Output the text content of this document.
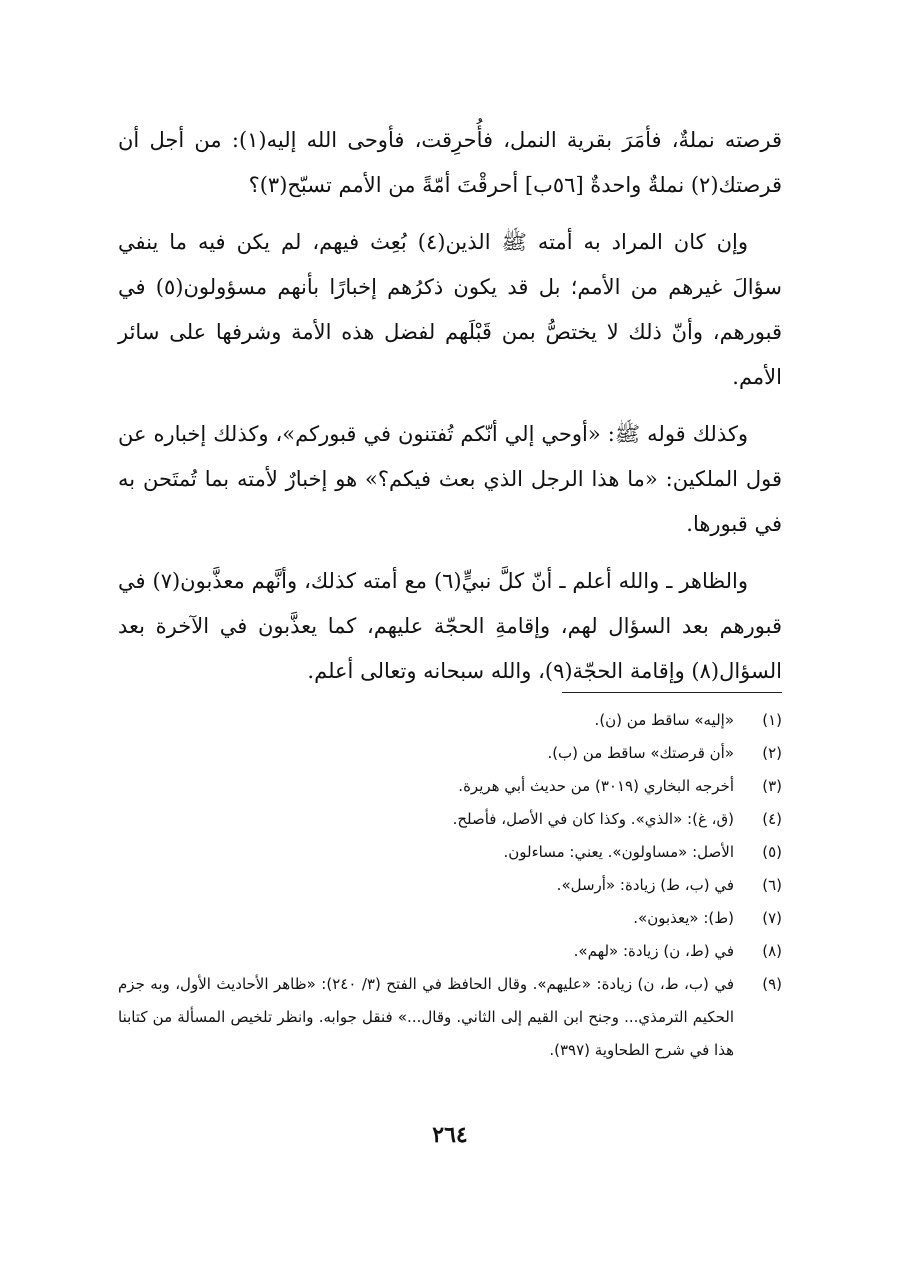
قرصته نملةٌ، فأمَرَ بقرية النمل، فأُحرِقت، فأوحى الله إليه(١): من أجل أن قرصتك(٢) نملةٌ واحدةٌ [٥٦ب] أحرقْتَ أمّةً من الأمم تسبّح(٣)؟

وإن كان المراد به أمته ﷺ الذين(٤) بُعِث فيهم، لم يكن فيه ما ينفي سؤالَ غيرهم من الأمم؛ بل قد يكون ذكرُهم إخبارًا بأنهم مسؤولون(٥) في قبورهم، وأنّ ذلك لا يختصُّ بمن قَبْلَهم لفضل هذه الأمة وشرفها على سائر الأمم.

وكذلك قوله ﷺ: «أوحي إلي أنّكم تُفتنون في قبوركم»، وكذلك إخباره عن قول الملكين: «ما هذا الرجل الذي بعث فيكم؟» هو إخبارٌ لأمته بما تُمتَحن به في قبورها.

والظاهر ـ والله أعلم ـ أنّ كلَّ نبيٍّ(٦) مع أمته كذلك، وأنَّهم معذَّبون(٧) في قبورهم بعد السؤال لهم، وإقامةِ الحجّة عليهم، كما يعذَّبون في الآخرة بعد السؤال(٨) وإقامة الحجّة(٩)، والله سبحانه وتعالى أعلم.

(١)
«إليه» ساقط من (ن).
(٢)
«أن قرصتك» ساقط من (ب).
(٣)
أخرجه البخاري (٣٠١٩) من حديث أبي هريرة.
(٤)
(ق، غ): «الذي». وكذا كان في الأصل، فأصلح.
(٥)
الأصل: «مساولون». يعني: مساءلون.
(٦)
في (ب، ط) زيادة: «أرسل».
(٧)
(ط): «يعذبون».
(٨)
في (ط، ن) زيادة: «لهم».
(٩)
في (ب، ط، ن) زيادة: «عليهم». وقال الحافظ في الفتح (٣/ ٢٤٠): «ظاهر الأحاديث الأول، وبه جزم الحكيم الترمذي... وجنح ابن القيم إلى الثاني. وقال...» فنقل جوابه. وانظر تلخيص المسألة من كتابنا هذا في شرح الطحاوية (٣٩٧).
٢٦٤
